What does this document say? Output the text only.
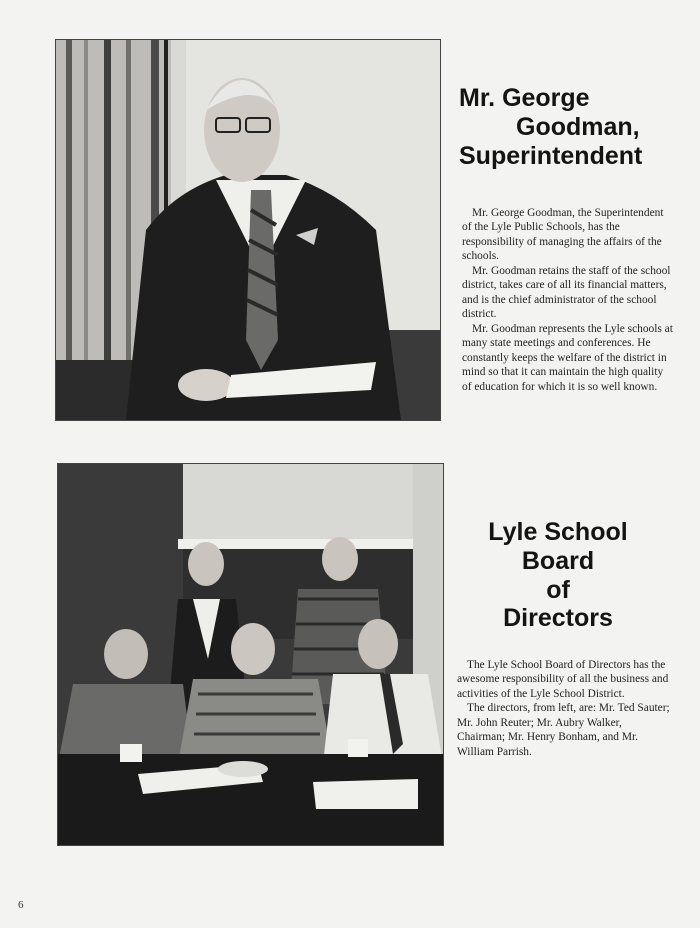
Mr. George
Goodman,
Superintendent

Mr. George Goodman, the Superintendent of the Lyle Public Schools, has the responsibility of managing the affairs of the schools.

Mr. Goodman retains the staff of the school district, takes care of all its financial matters, and is the chief administrator of the school district.

Mr. Goodman represents the Lyle schools at many state meetings and conferences. He constantly keeps the welfare of the district in mind so that it can maintain the high quality of education for which it is so well known.

Lyle School
Board
of
Directors

The Lyle School Board of Directors has the awesome responsibility of all the business and activities of the Lyle School District.

The directors, from left, are: Mr. Ted Sauter; Mr. John Reuter; Mr. Aubry Walker, Chairman; Mr. Henry Bonham, and Mr. William Parrish.

6
